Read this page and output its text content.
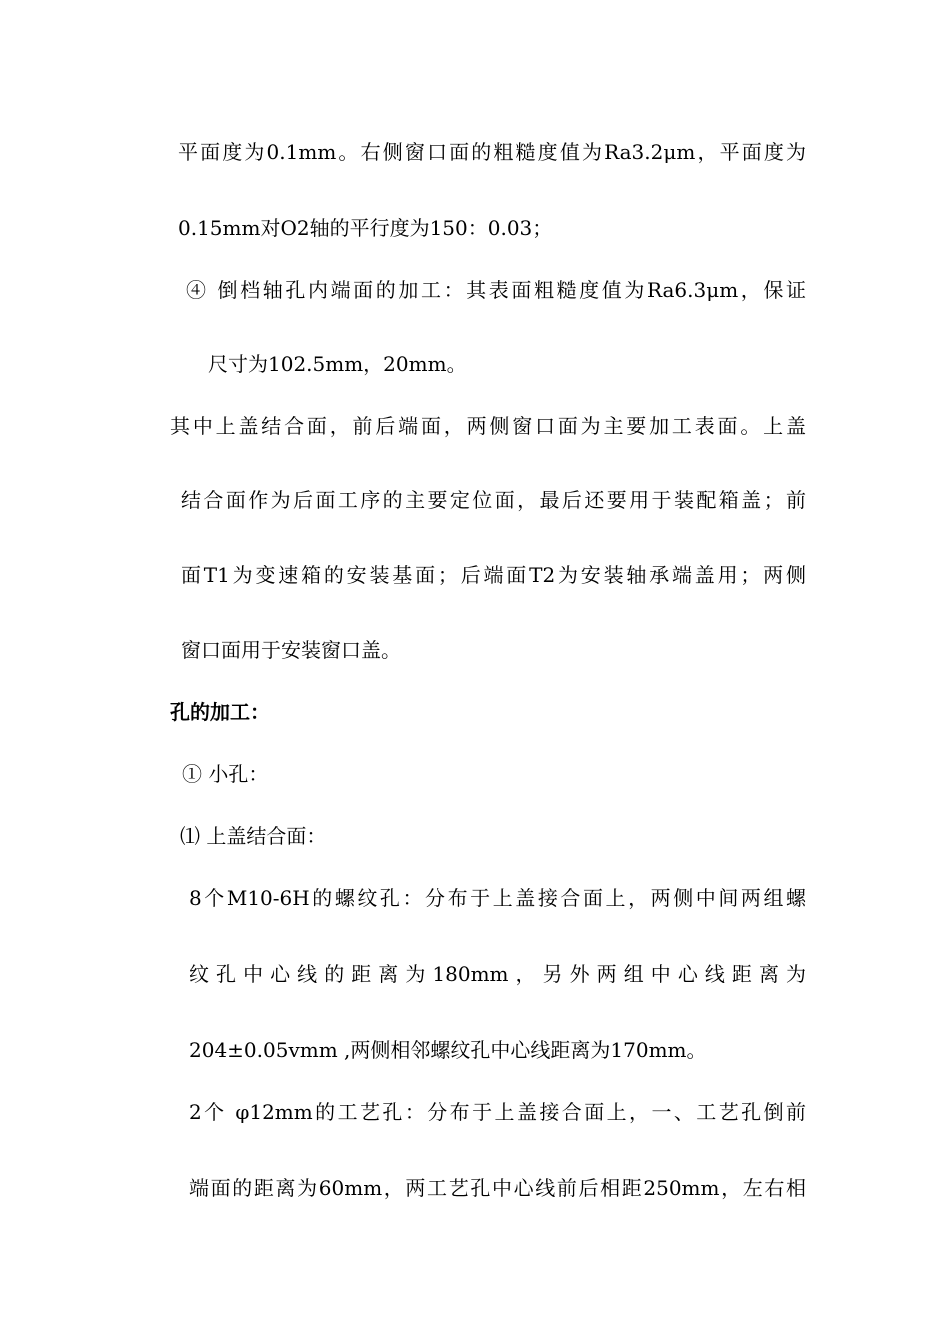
平面度为0.1mm。右侧窗口面的粗糙度值为Ra3.2μm，平面度为
0.15mm对O2轴的平行度为150：0.03；
④ 倒档轴孔内端面的加工：其表面粗糙度值为Ra6.3μm，保证
尺寸为102.5mm，20mm。
其中上盖结合面，前后端面，两侧窗口面为主要加工表面。上盖
结合面作为后面工序的主要定位面，最后还要用于装配箱盖；前
面T1为变速箱的安装基面；后端面T2为安装轴承端盖用；两侧
窗口面用于安装窗口盖。
孔的加工：
① 小孔：
⑴ 上盖结合面：
8个M10-6H的螺纹孔：分布于上盖接合面上，两侧中间两组螺
纹孔中心线的距离为180mm，另外两组中心线距离为
204±0.05vmm ,两侧相邻螺纹孔中心线距离为170mm。
2个 φ12mm的工艺孔：分布于上盖接合面上，一、工艺孔倒前
端面的距离为60mm，两工艺孔中心线前后相距250mm，左右相
